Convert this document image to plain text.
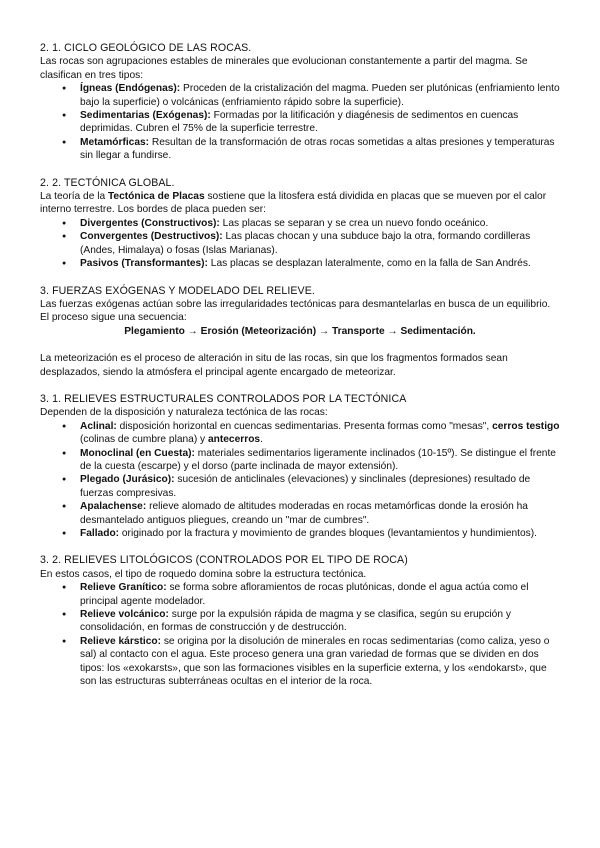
2. 1. CICLO GEOLÓGICO DE LAS ROCAS.

Las rocas son agrupaciones estables de minerales que evolucionan constantemente a partir del magma. Se clasifican en tres tipos:

● Ígneas (Endógenas): Proceden de la cristalización del magma. Pueden ser plutónicas (enfriamiento lento bajo la superficie) o volcánicas (enfriamiento rápido sobre la superficie).
● Sedimentarias (Exógenas): Formadas por la litificación y diagénesis de sedimentos en cuencas deprimidas. Cubren el 75% de la superficie terrestre.
● Metamórficas: Resultan de la transformación de otras rocas sometidas a altas presiones y temperaturas sin llegar a fundirse.
2. 2. TECTÓNICA GLOBAL.

La teoría de la Tectónica de Placas sostiene que la litosfera está dividida en placas que se mueven por el calor interno terrestre. Los bordes de placa pueden ser:

● Divergentes (Constructivos): Las placas se separan y se crea un nuevo fondo oceánico.
● Convergentes (Destructivos): Las placas chocan y una subduce bajo la otra, formando cordilleras (Andes, Himalaya) o fosas (Islas Marianas).
● Pasivos (Transformantes): Las placas se desplazan lateralmente, como en la falla de San Andrés.
3. FUERZAS EXÓGENAS Y MODELADO DEL RELIEVE.

Las fuerzas exógenas actúan sobre las irregularidades tectónicas para desmantelarlas en busca de un equilibrio. El proceso sigue una secuencia:

Plegamiento → Erosión (Meteorización) → Transporte → Sedimentación.

La meteorización es el proceso de alteración in situ de las rocas, sin que los fragmentos formados sean desplazados, siendo la atmósfera el principal agente encargado de meteorizar.

3. 1. RELIEVES ESTRUCTURALES CONTROLADOS POR LA TECTÓNICA

Dependen de la disposición y naturaleza tectónica de las rocas:

● Aclinal: disposición horizontal en cuencas sedimentarias. Presenta formas como "mesas", cerros testigo (colinas de cumbre plana) y antecerros.
● Monoclinal (en Cuesta): materiales sedimentarios ligeramente inclinados (10-15º). Se distingue el frente de la cuesta (escarpe) y el dorso (parte inclinada de mayor extensión).
● Plegado (Jurásico): sucesión de anticlinales (elevaciones) y sinclinales (depresiones) resultado de fuerzas compresivas.
● Apalachense: relieve alomado de altitudes moderadas en rocas metamórficas donde la erosión ha desmantelado antiguos pliegues, creando un "mar de cumbres".
● Fallado: originado por la fractura y movimiento de grandes bloques (levantamientos y hundimientos).
3. 2. RELIEVES LITOLÓGICOS (CONTROLADOS POR EL TIPO DE ROCA)

En estos casos, el tipo de roquedo domina sobre la estructura tectónica.

● Relieve Granítico: se forma sobre afloramientos de rocas plutónicas, donde el agua actúa como el principal agente modelador.
● Relieve volcánico: surge por la expulsión rápida de magma y se clasifica, según su erupción y consolidación, en formas de construcción y de destrucción.
● Relieve kárstico: se origina por la disolución de minerales en rocas sedimentarias (como caliza, yeso o sal) al contacto con el agua. Este proceso genera una gran variedad de formas que se dividen en dos tipos: los «exokarsts», que son las formaciones visibles en la superficie externa, y los «endokarst», que son las estructuras subterráneas ocultas en el interior de la roca.
